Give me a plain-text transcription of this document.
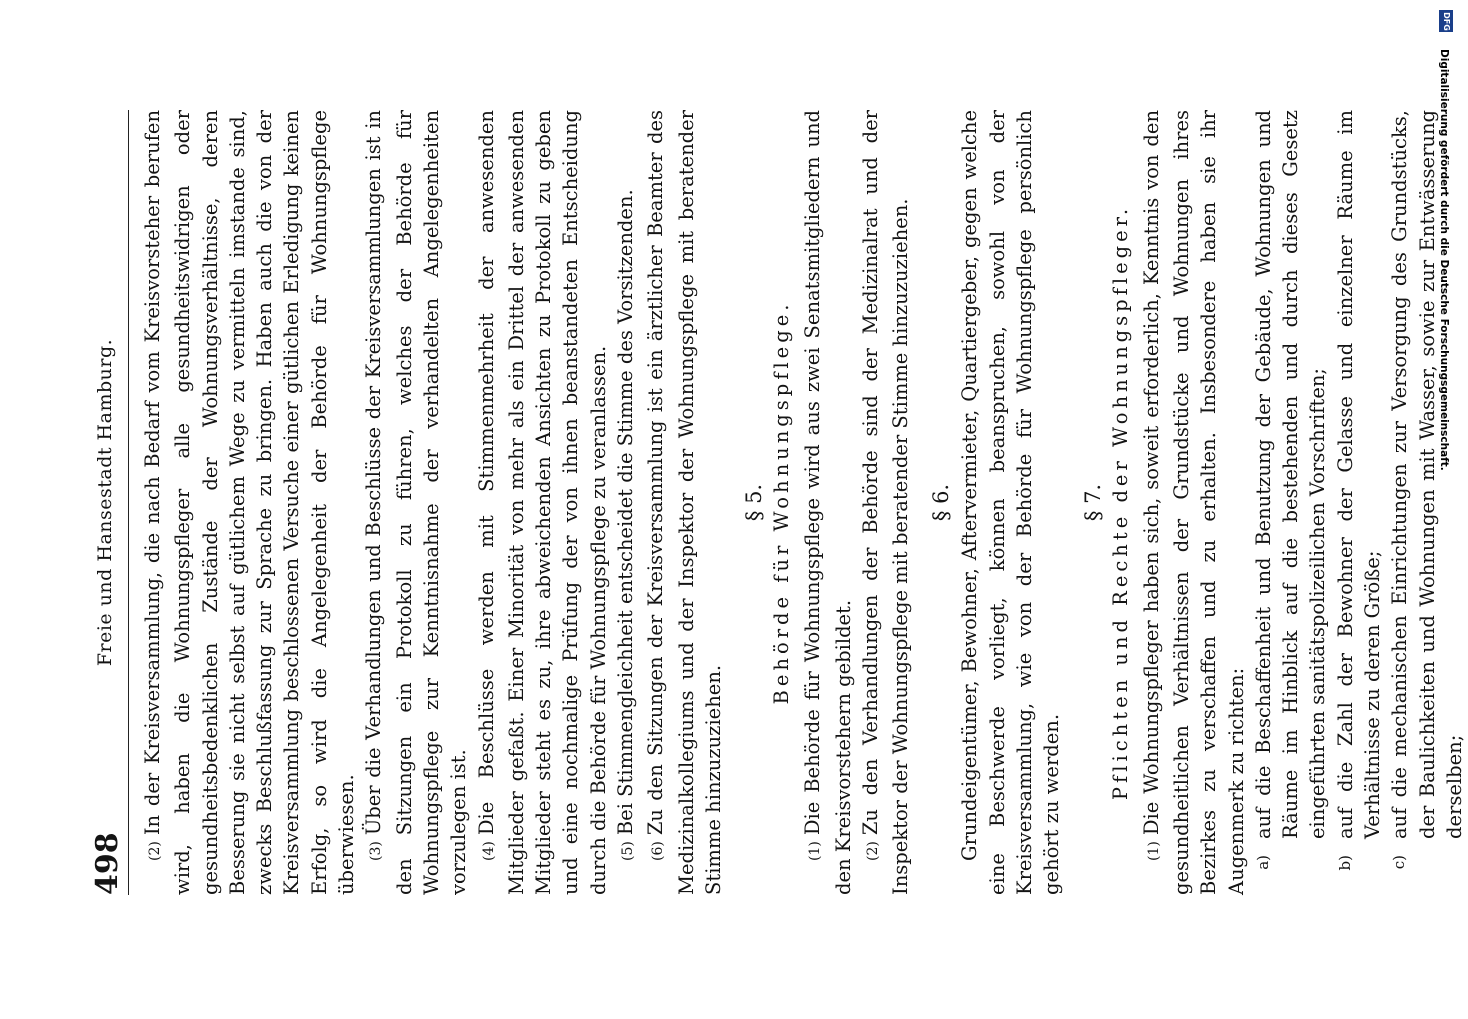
498
Freie und Hansestadt Hamburg.

(2)In der Kreisversammlung, die nach Bedarf vom Kreisvorsteher berufen wird, haben die Wohnungspfleger alle gesundheitswidrigen oder gesundheitsbedenklichen Zustände der Wohnungsverhältnisse, deren Besserung sie nicht selbst auf gütlichem Wege zu vermitteln imstande sind, zwecks Beschlußfassung zur Sprache zu bringen. Haben auch die von der Kreisversammlung beschlossenen Versuche einer gütlichen Erledigung keinen Erfolg, so wird die Angelegenheit der Behörde für Wohnungspflege überwiesen. (3)Über die Verhandlungen und Beschlüsse der Kreisversammlungen ist in den Sitzungen ein Protokoll zu führen, welches der Behörde für Wohnungspflege zur Kenntnisnahme der verhandelten Angelegenheiten vorzulegen ist. (4)Die Beschlüsse werden mit Stimmenmehrheit der anwesenden Mitglieder gefaßt. Einer Minorität von mehr als ein Drittel der anwesenden Mitglieder steht es zu, ihre abweichenden Ansichten zu Protokoll zu geben und eine nochmalige Prüfung der von ihnen beanstandeten Entscheidung durch die Behörde für Wohnungspflege zu veranlassen. (5)Bei Stimmengleichheit entscheidet die Stimme des Vorsitzenden.

(6)Zu den Sitzungen der Kreisversammlung ist ein ärztlicher Beamter des Medizinalkollegiums und der Inspektor der Wohnungspflege mit beratender Stimme hinzuzuziehen.

§ 5. Behörde für Wohnungspflege.

(1)Die Behörde für Wohnungspflege wird aus zwei Senatsmitgliedern und den Kreisvorstehern gebildet. (2)Zu den Verhandlungen der Behörde sind der Medizinalrat und der Inspektor der Wohnungspflege mit beratender Stimme hinzuzuziehen. § 6. Grundeigentümer, Bewohner, Aftervermieter, Quartiergeber, gegen welche eine Beschwerde vorliegt, können beanspruchen, sowohl von der Kreisversammlung, wie von der Behörde für Wohnungspflege persönlich gehört zu werden.

§ 7. Pflichten und Rechte der Wohnungspfleger.

(1)Die Wohnungspfleger haben sich, soweit erforderlich, Kenntnis von den gesundheitlichen Verhältnissen der Grundstücke und Wohnungen ihres Bezirkes zu verschaffen und zu erhalten. Insbesondere haben sie ihr Augenmerk zu richten: a)
auf die Beschaffenheit und Benutzung der Gebäude, Wohnungen und Räume im Hinblick auf die bestehenden und durch dieses Gesetz eingeführten sanitätspolizeilichen Vorschriften;
b)
auf die Zahl der Bewohner der Gelasse und einzelner Räume im Verhältnisse zu deren Größe;
c)
auf die mechanischen Einrichtungen zur Versorgung des Grundstücks, der Baulichkeiten und Wohnungen mit Wasser, sowie zur Entwässerung derselben;
DFG
Digitalisierung gefördert durch die Deutsche Forschungsgemeinschaft.
